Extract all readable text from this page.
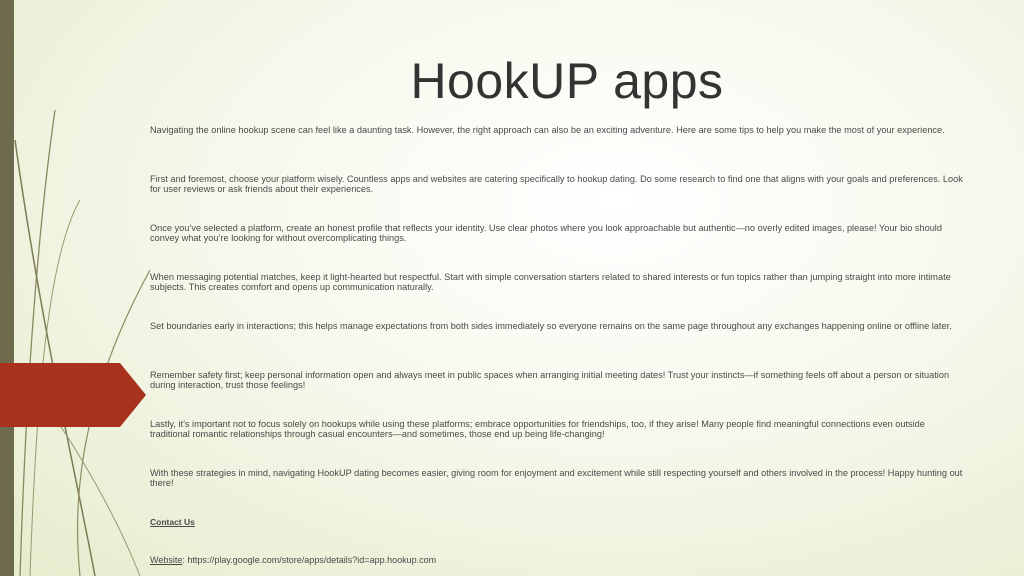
HookUP apps

Navigating the online hookup scene can feel like a daunting task. However, the right approach can also be an exciting adventure. Here are some tips to help you make the most of your experience.

First and foremost, choose your platform wisely. Countless apps and websites are catering specifically to hookup dating. Do some research to find one that aligns with your goals and preferences. Look for user reviews or ask friends about their experiences.

Once you’ve selected a platform, create an honest profile that reflects your identity. Use clear photos where you look approachable but authentic—no overly edited images, please! Your bio should convey what you’re looking for without overcomplicating things.

When messaging potential matches, keep it light-hearted but respectful. Start with simple conversation starters related to shared interests or fun topics rather than jumping straight into more intimate subjects. This creates comfort and opens up communication naturally.

Set boundaries early in interactions; this helps manage expectations from both sides immediately so everyone remains on the same page throughout any exchanges happening online or offline later.

Remember safety first; keep personal information open and always meet in public spaces when arranging initial meeting dates! Trust your instincts—if something feels off about a person or situation during interaction, trust those feelings!

Lastly, it’s important not to focus solely on hookups while using these platforms; embrace opportunities for friendships, too, if they arise! Many people find meaningful connections even outside traditional romantic relationships through casual encounters—and sometimes, those end up being life-changing!

With these strategies in mind, navigating HookUP dating becomes easier, giving room for enjoyment and excitement while still respecting yourself and others involved in the process! Happy hunting out there!

Contact Us

Website: https://play.google.com/store/apps/details?id=app.hookup.com
